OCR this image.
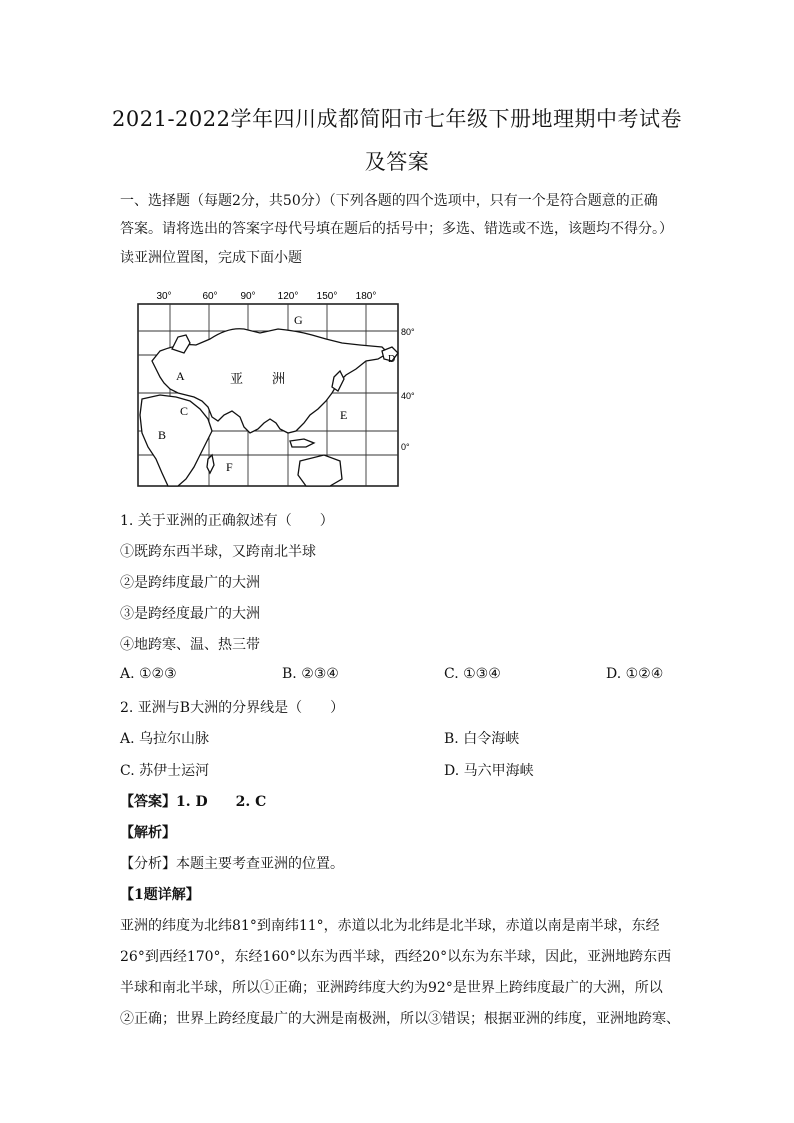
2021-2022学年四川成都简阳市七年级下册地理期中考试卷
及答案
一、选择题（每题2分，共50分）（下列各题的四个选项中，只有一个是符合题意的正确
答案。请将选出的答案字母代号填在题后的括号中；多选、错选或不选，该题均不得分。）
读亚洲位置图，完成下面小题
30°	60° 90° 120° 150° 180°
80°
40°
0°
G
D
A	亚 洲
E
C
B
F
1. 关于亚洲的正确叙述有（　　）
①既跨东西半球，又跨南北半球
②是跨纬度最广的大洲
③是跨经度最广的大洲
④地跨寒、温、热三带
A. ①②③	B. ②③④	C. ①③④	D. ①②④
2. 亚洲与B大洲的分界线是（　　）
A. 乌拉尔山脉	B. 白令海峡
C. 苏伊士运河	D. 马六甲海峡
【答案】1. D　　2. C
【解析】
【分析】本题主要考查亚洲的位置。
【1题详解】
亚洲的纬度为北纬81°到南纬11°，赤道以北为北纬是北半球，赤道以南是南半球，东经
26°到西经170°，东经160°以东为西半球，西经20°以东为东半球，因此，亚洲地跨东西
半球和南北半球，所以①正确；亚洲跨纬度大约为92°是世界上跨纬度最广的大洲，所以
②正确；世界上跨经度最广的大洲是南极洲，所以③错误；根据亚洲的纬度，亚洲地跨寒、
